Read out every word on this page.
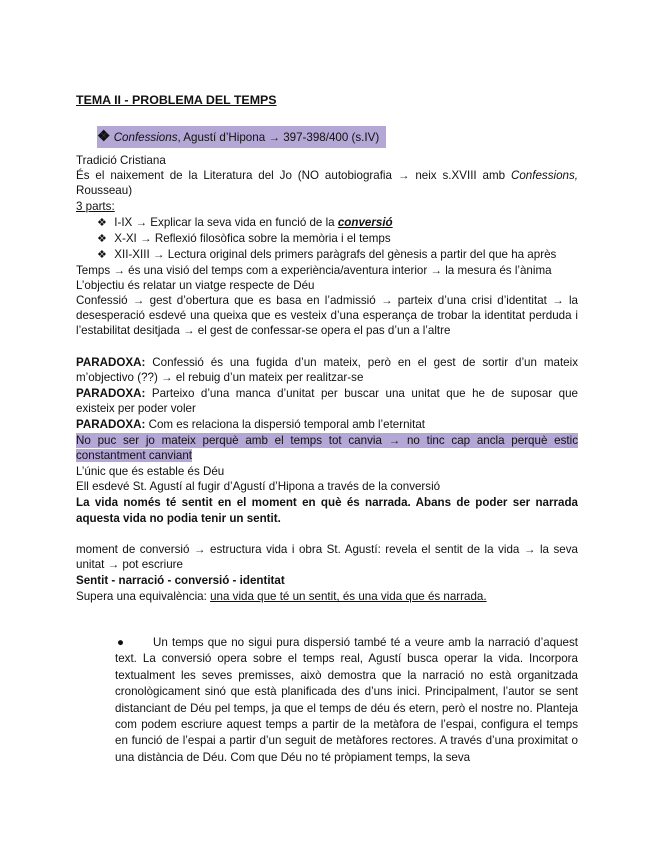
TEMA II - PROBLEMA DEL TEMPS
❖ Confessions, Agustí d’Hipona → 397-398/400 (s.IV)
Tradició Cristiana
És el naixement de la Literatura del Jo (NO autobiografia → neix s.XVIII amb Confessions,
Rousseau)
3 parts:
❖ I-IX → Explicar la seva vida en funció de la conversió
❖ X-XI → Reflexió filosòfica sobre la memòria i el temps
❖ XII-XIII → Lectura original dels primers paràgrafs del gènesis a partir del que ha après
Temps → és una visió del temps com a experiència/aventura interior → la mesura és l’ànima
L’objectiu és relatar un viatge respecte de Déu
Confessió → gest d’obertura que es basa en l’admissió → parteix d’una crisi d’identitat → la
desesperació esdevé una queixa que es vesteix d’una esperança de trobar la identitat perduda i
l’estabilitat desitjada → el gest de confessar-se opera el pas d’un a l’altre
PARADOXA: Confessió és una fugida d’un mateix, però en el gest de sortir d’un mateix
m’objectivo (??) → el rebuig d’un mateix per realitzar-se
PARADOXA: Parteixo d’una manca d’unitat per buscar una unitat que he de suposar que
existeix per poder voler
PARADOXA: Com es relaciona la dispersió temporal amb l’eternitat
No puc ser jo mateix perquè amb el temps tot canvia → no tinc cap ancla perquè estic
constantment canviant
L’únic que és estable és Déu
Ell esdevé St. Agustí al fugir d’Agustí d’Hipona a través de la conversió
La vida només té sentit en el moment en què és narrada. Abans de poder ser narrada
aquesta vida no podia tenir un sentit.
moment de conversió → estructura vida i obra St. Agustí: revela el sentit de la vida → la seva
unitat → pot escriure
Sentit - narració - conversió - identitat
Supera una equivalència: una vida que té un sentit, és una vida que és narrada.
● Un temps que no sigui pura dispersió també té a veure amb la narració d’aquest text. La conversió opera sobre el temps real, Agustí busca operar la vida. Incorpora textualment les seves premisses, això demostra que la narració no està organitzada cronològicament sinó que està planificada des d’uns inici. Principalment, l’autor se sent distanciant de Déu pel temps, ja que el temps de déu és etern, però el nostre no. Planteja com podem escriure aquest temps a partir de la metàfora de l’espai, configura el temps en funció de l’espai a partir d’un seguit de metàfores rectores. A través d’una proximitat o una distància de Déu. Com que Déu no té pròpiament temps, la seva
